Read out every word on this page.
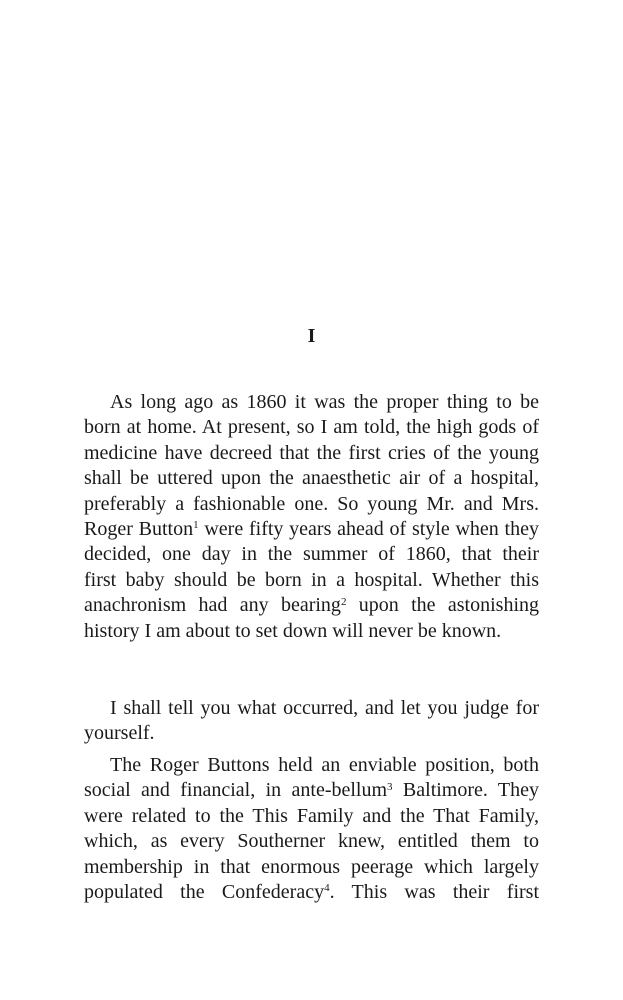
I
As long ago as 1860 it was the proper thing to be
born at home. At present, so I am told, the high gods of
medicine have decreed that the first cries of the young
shall be uttered upon the anaesthetic air of a hospital,
preferably a fashionable one. So young Mr. and Mrs.
Roger Button$^1$ were fifty years ahead of style when they
decided, one day in the summer of 1860, that their
first baby should be born in a hospital. Whether this
anachronism had any bearing$^2$ upon the astonishing
history I am about to set down will never be known.
I shall tell you what occurred, and let you judge for
yourself.
The Roger Buttons held an enviable position, both
social and financial, in ante-bellum$^3$ Baltimore. They
were related to the This Family and the That Family,
which, as every Southerner knew, entitled them to
membership in that enormous peerage which largely
populated the Confederacy$^4$. This was their first
